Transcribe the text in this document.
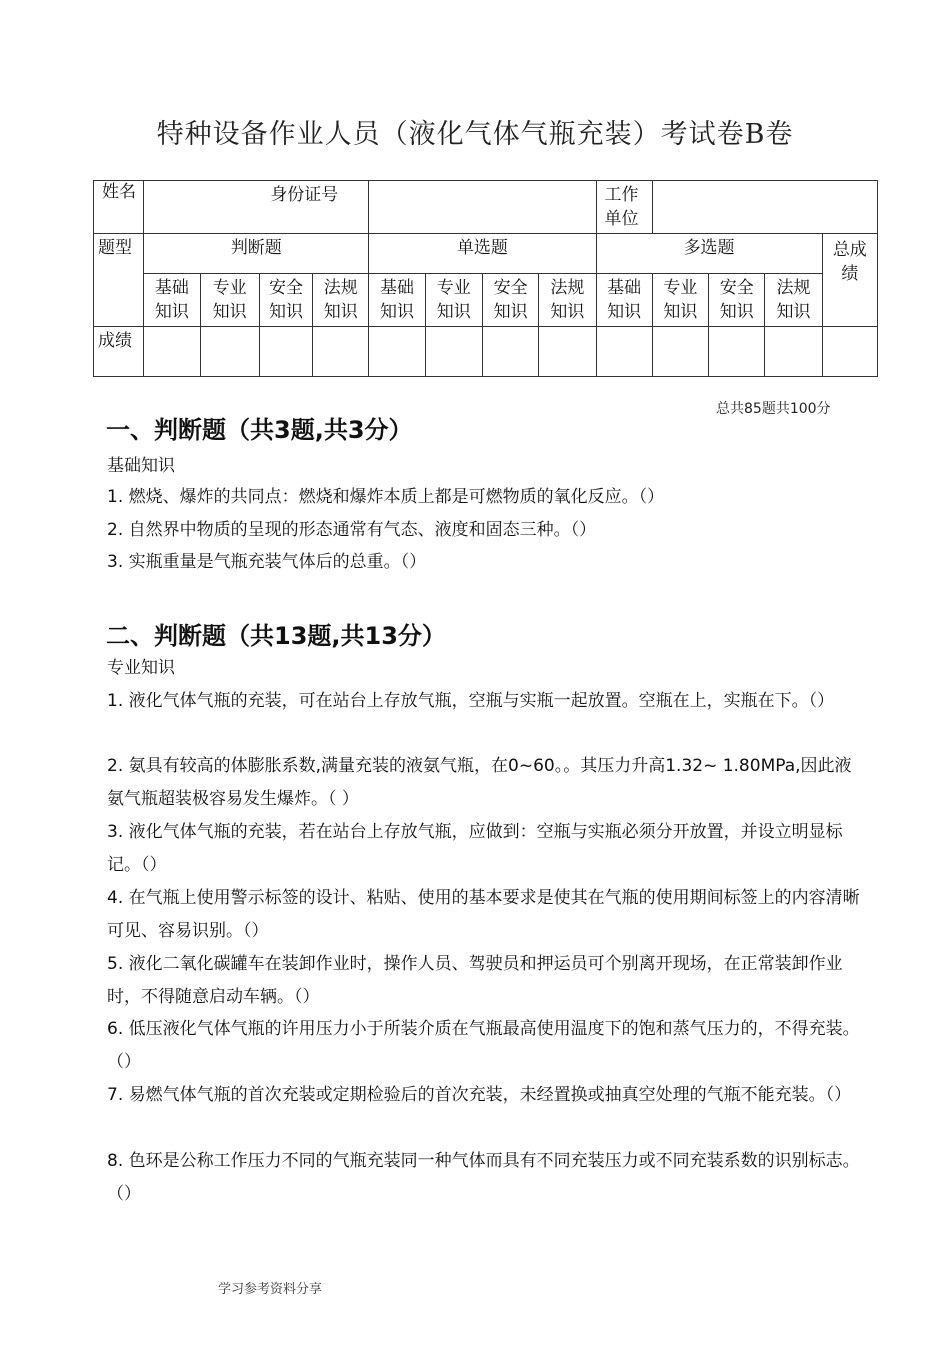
特种设备作业人员（液化气体气瓶充装）考试卷B卷
姓名	身份证号								工作单位				
题型	判断题				单选题				多选题				总成绩
	基础知识	专业知识	安全知识	法规知识	基础知识	专业知识	安全知识	法规知识	基础知识	专业知识	安全知识	法规知识	
成绩													
总共85题共100分
一、判断题（共3题,共3分）
基础知识
1. 燃烧、爆炸的共同点：燃烧和爆炸本质上都是可燃物质的氧化反应。（）
2. 自然界中物质的呈现的形态通常有气态、液度和固态三种。（）
3. 实瓶重量是气瓶充装气体后的总重。（）
二、判断题（共13题,共13分）
专业知识
1. 液化气体气瓶的充装，可在站台上存放气瓶，空瓶与实瓶一起放置。空瓶在上，实瓶在下。（）
2. 氨具有较高的体膨胀系数,满量充装的液氨气瓶，在0~60。。其压力升高1.32~ 1.80MPa,因此液氨气瓶超装极容易发生爆炸。（ ）
3. 液化气体气瓶的充装，若在站台上存放气瓶，应做到：空瓶与实瓶必须分开放置，并设立明显标记。（）
4. 在气瓶上使用警示标签的设计、粘贴、使用的基本要求是使其在气瓶的使用期间标签上的内容清晰可见、容易识别。（）
5. 液化二氧化碳罐车在装卸作业时，操作人员、驾驶员和押运员可个别离开现场，在正常装卸作业时，不得随意启动车辆。（）
6. 低压液化气体气瓶的许用压力小于所装介质在气瓶最高使用温度下的饱和蒸气压力的，不得充装。（）
7. 易燃气体气瓶的首次充装或定期检验后的首次充装，未经置换或抽真空处理的气瓶不能充装。（）
8. 色环是公称工作压力不同的气瓶充装同一种气体而具有不同充装压力或不同充装系数的识别标志。（）
学习参考资料分享
